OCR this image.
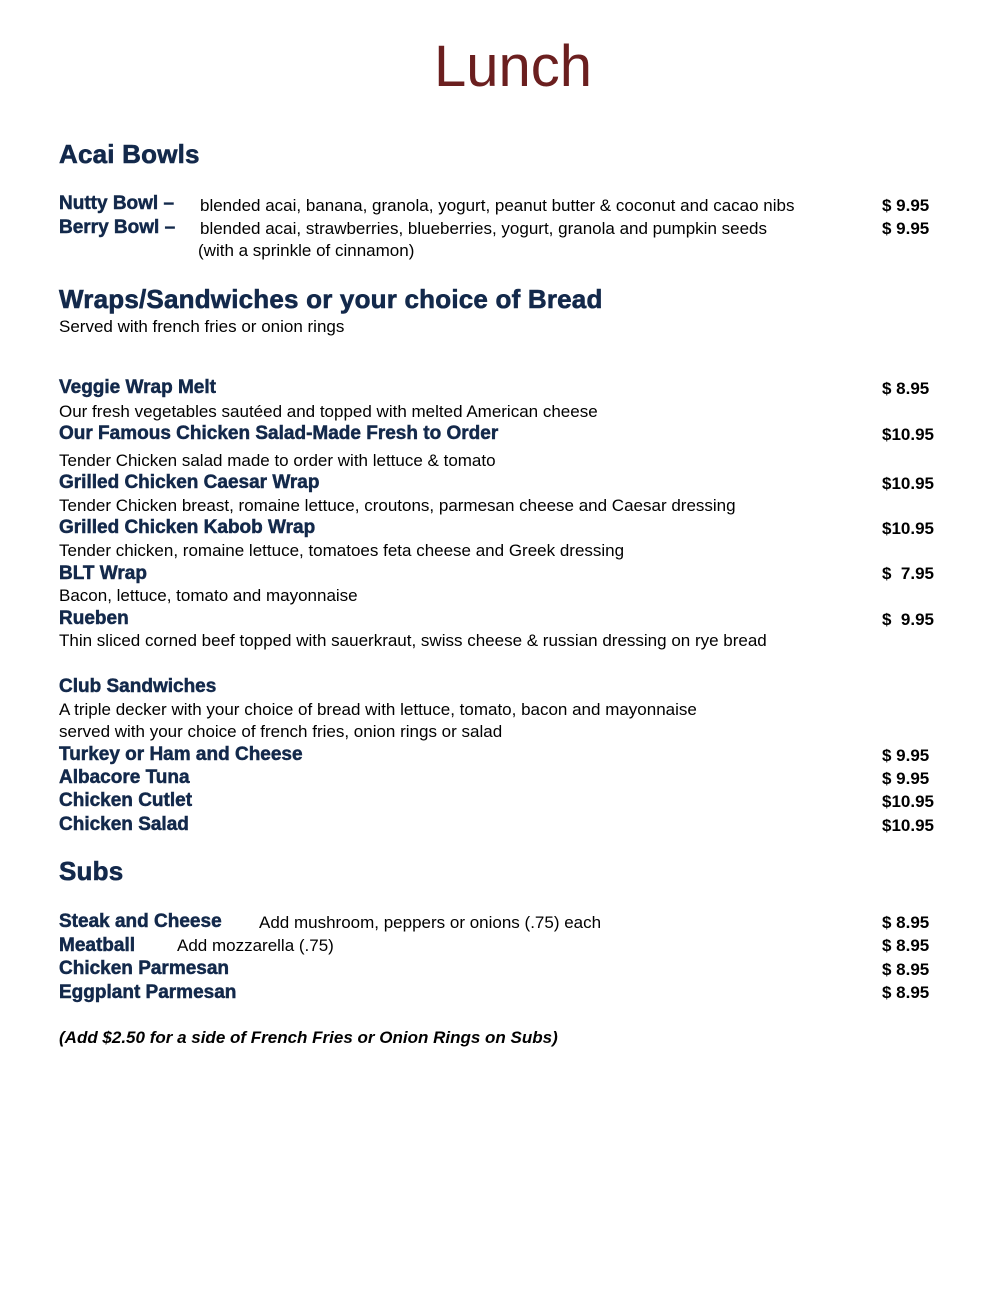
Lunch
Acai Bowls
Nutty Bowl – blended acai, banana, granola, yogurt, peanut butter & coconut and cacao nibs	$ 9.95
Berry Bowl – blended acai, strawberries, blueberries, yogurt, granola and pumpkin seeds	$ 9.95
(with a sprinkle of cinnamon)
Wraps/Sandwiches or your choice of Bread
Served with french fries or onion rings
Veggie Wrap Melt	$ 8.95
Our fresh vegetables sautéed and topped with melted American cheese
Our Famous Chicken Salad-Made Fresh to Order	$10.95
Tender Chicken salad made to order with lettuce & tomato
Grilled Chicken Caesar Wrap	$10.95
Tender Chicken breast, romaine lettuce, croutons, parmesan cheese and Caesar dressing
Grilled Chicken Kabob Wrap	$10.95
Tender chicken, romaine lettuce, tomatoes feta cheese and Greek dressing
BLT Wrap	$  7.95
Bacon, lettuce, tomato and mayonnaise
Rueben	$  9.95
Thin sliced corned beef topped with sauerkraut, swiss cheese & russian dressing on rye bread
Club Sandwiches
A triple decker with your choice of bread with lettuce, tomato, bacon and mayonnaise
served with your choice of french fries, onion rings or salad
Turkey or Ham and Cheese	$ 9.95
Albacore Tuna	$ 9.95
Chicken Cutlet	$10.95
Chicken Salad	$10.95
Subs
Steak and Cheese Add mushroom, peppers or onions (.75) each	$ 8.95
Meatball Add mozzarella (.75)	$ 8.95
Chicken Parmesan	$ 8.95
Eggplant Parmesan	$ 8.95
(Add $2.50 for a side of French Fries or Onion Rings on Subs)
